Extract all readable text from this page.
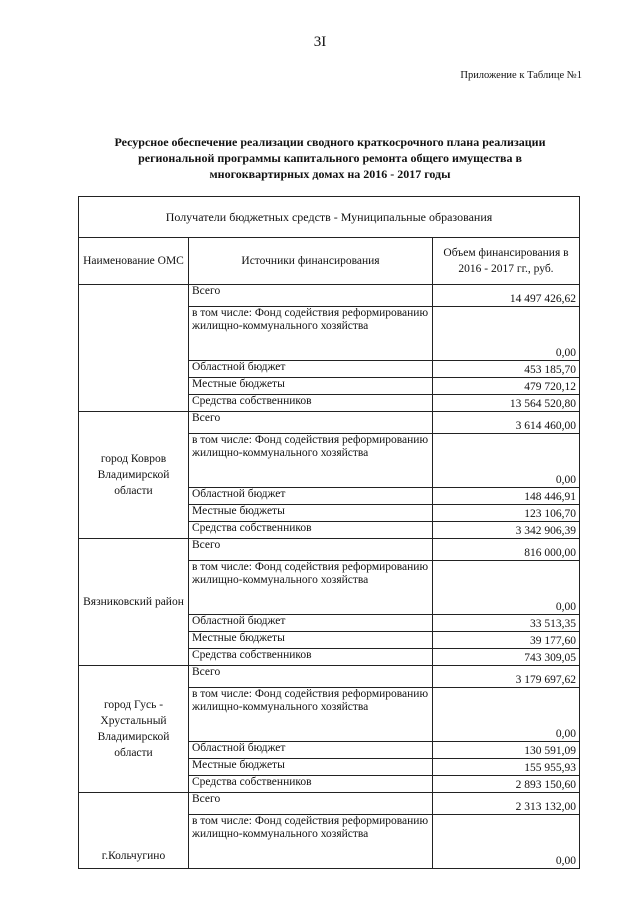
3I
Приложение к Таблице №1
Ресурсное обеспечение реализации сводного краткосрочного плана реализации
региональной программы капитального ремонта общего имущества в
многоквартирных домах на 2016 - 2017 годы
Получатели бюджетных средств - Муниципальные образования		
Наименование ОМС	Источники финансирования	Объем финансирования в 2016 - 2017 гг., руб.
	Всего	14 497 426,62
	в том числе: Фонд содействия реформированию жилищно-коммунального хозяйства	0,00
	Областной бюджет	453 185,70
	Местные бюджеты	479 720,12
	Средства собственников	13 564 520,80
город Ковров Владимирской области	Всего	3 614 460,00
	в том числе: Фонд содействия реформированию жилищно-коммунального хозяйства	0,00
	Областной бюджет	148 446,91
	Местные бюджеты	123 106,70
	Средства собственников	3 342 906,39
Вязниковский район	Всего	816 000,00
	в том числе: Фонд содействия реформированию жилищно-коммунального хозяйства	0,00
	Областной бюджет	33 513,35
	Местные бюджеты	39 177,60
	Средства собственников	743 309,05
город Гусь - Хрустальный Владимирской области	Всего	3 179 697,62
	в том числе: Фонд содействия реформированию жилищно-коммунального хозяйства	0,00
	Областной бюджет	130 591,09
	Местные бюджеты	155 955,93
	Средства собственников	2 893 150,60
г.Кольчугино	Всего	2 313 132,00
	в том числе: Фонд содействия реформированию жилищно-коммунального хозяйства	0,00
